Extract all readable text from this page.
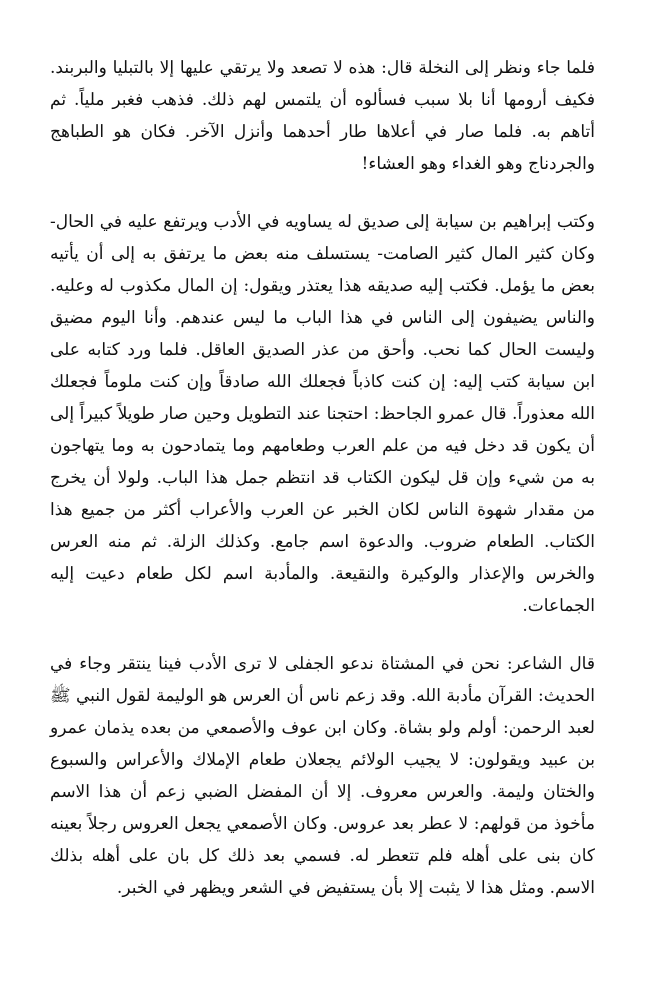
فلما جاء ونظر إلى النخلة قال: هذه لا تصعد ولا يرتقي عليها إلا بالتبليا والبربند. فكيف أرومها أنا بلا سبب فسألوه أن يلتمس لهم ذلك. فذهب فغبر ملياً. ثم أتاهم به. فلما صار في أعلاها طار أحدهما وأنزل الآخر. فكان هو الطباهج والجردناج وهو الغداء وهو العشاء!

وكتب إبراهيم بن سيابة إلى صديق له يساويه في الأدب ويرتفع عليه في الحال- وكان كثير المال كثير الصامت- يستسلف منه بعض ما يرتفق به إلى أن يأتيه بعض ما يؤمل. فكتب إليه صديقه هذا يعتذر ويقول: إن المال مكذوب له وعليه. والناس يضيفون إلى الناس في هذا الباب ما ليس عندهم. وأنا اليوم مضيق وليست الحال كما نحب. وأحق من عذر الصديق العاقل. فلما ورد كتابه على ابن سيابة كتب إليه: إن كنت كاذباً فجعلك الله صادقاً وإن كنت ملوماً فجعلك الله معذوراً. قال عمرو الجاحظ: احتجنا عند التطويل وحين صار طويلاً كبيراً إلى أن يكون قد دخل فيه من علم العرب وطعامهم وما يتمادحون به وما يتهاجون به من شيء وإن قل ليكون الكتاب قد انتظم جمل هذا الباب. ولولا أن يخرج من مقدار شهوة الناس لكان الخبر عن العرب والأعراب أكثر من جميع هذا الكتاب. الطعام ضروب. والدعوة اسم جامع. وكذلك الزلة. ثم منه العرس والخرس والإعذار والوكيرة والنقيعة. والمأدبة اسم لكل طعام دعيت إليه الجماعات.

قال الشاعر: نحن في المشتاة ندعو الجفلى لا ترى الأدب فينا ينتقر وجاء في الحديث: القرآن مأدبة الله. وقد زعم ناس أن العرس هو الوليمة لقول النبي ﷺ لعبد الرحمن: أولم ولو بشاة. وكان ابن عوف والأصمعي من بعده يذمان عمرو بن عبيد ويقولون: لا يجيب الولائم يجعلان طعام الإملاك والأعراس والسبوع والختان وليمة. والعرس معروف. إلا أن المفضل الضبي زعم أن هذا الاسم مأخوذ من قولهم: لا عطر بعد عروس. وكان الأصمعي يجعل العروس رجلاً بعينه كان بنى على أهله فلم تتعطر له. فسمي بعد ذلك كل بان على أهله بذلك الاسم. ومثل هذا لا يثبت إلا بأن يستفيض في الشعر ويظهر في الخبر.
